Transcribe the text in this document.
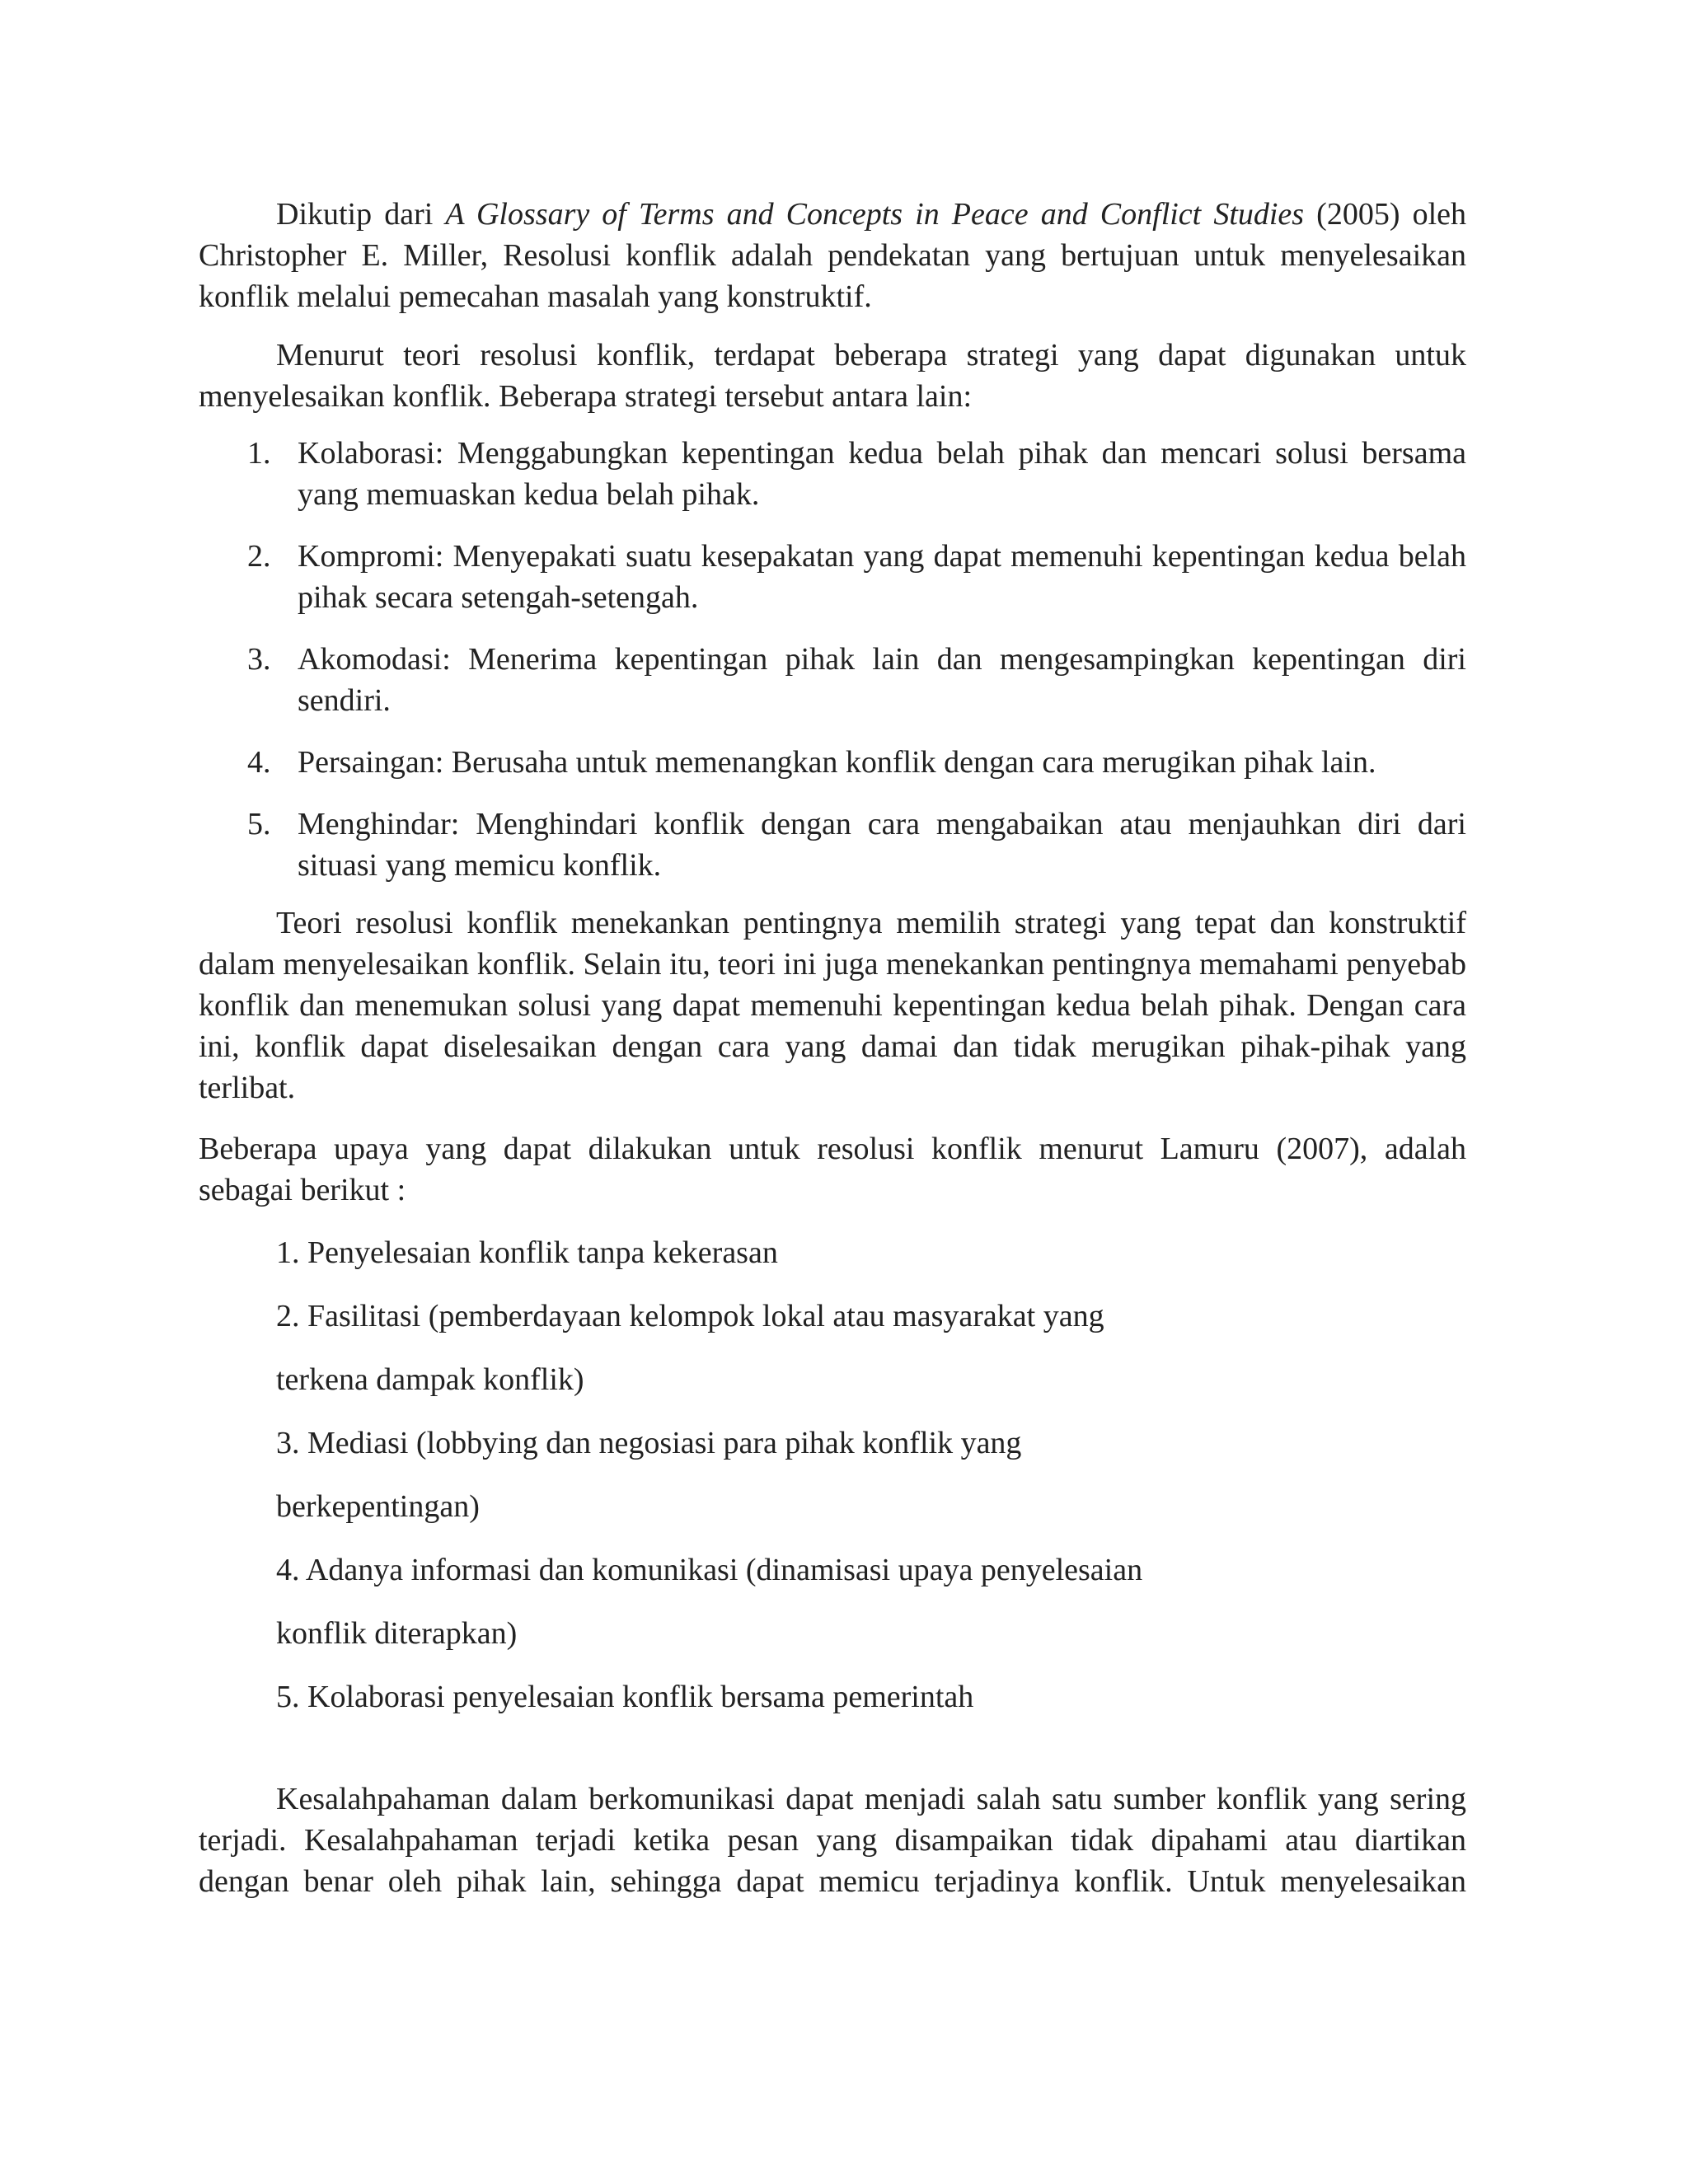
Dikutip dari A Glossary of Terms and Concepts in Peace and Conflict Studies (2005) oleh Christopher E. Miller, Resolusi konflik adalah pendekatan yang bertujuan untuk menyelesaikan konflik melalui pemecahan masalah yang konstruktif.

Menurut teori resolusi konflik, terdapat beberapa strategi yang dapat digunakan untuk menyelesaikan konflik. Beberapa strategi tersebut antara lain:

1. Kolaborasi: Menggabungkan kepentingan kedua belah pihak dan mencari solusi bersama yang memuaskan kedua belah pihak.
2. Kompromi: Menyepakati suatu kesepakatan yang dapat memenuhi kepentingan kedua belah pihak secara setengah-setengah.
3. Akomodasi: Menerima kepentingan pihak lain dan mengesampingkan kepentingan diri sendiri.
4. Persaingan: Berusaha untuk memenangkan konflik dengan cara merugikan pihak lain.
5. Menghindar: Menghindari konflik dengan cara mengabaikan atau menjauhkan diri dari situasi yang memicu konflik.

Teori resolusi konflik menekankan pentingnya memilih strategi yang tepat dan konstruktif dalam menyelesaikan konflik. Selain itu, teori ini juga menekankan pentingnya memahami penyebab konflik dan menemukan solusi yang dapat memenuhi kepentingan kedua belah pihak. Dengan cara ini, konflik dapat diselesaikan dengan cara yang damai dan tidak merugikan pihak-pihak yang terlibat.

Beberapa upaya yang dapat dilakukan untuk resolusi konflik menurut Lamuru (2007), adalah sebagai berikut :

1. Penyelesaian konflik tanpa kekerasan

2. Fasilitasi (pemberdayaan kelompok lokal atau masyarakat yang

terkena dampak konflik)

3. Mediasi (lobbying dan negosiasi para pihak konflik yang

berkepentingan)

4. Adanya informasi dan komunikasi (dinamisasi upaya penyelesaian

konflik diterapkan)

5. Kolaborasi penyelesaian konflik bersama pemerintah

Kesalahpahaman dalam berkomunikasi dapat menjadi salah satu sumber konflik yang sering terjadi. Kesalahpahaman terjadi ketika pesan yang disampaikan tidak dipahami atau diartikan dengan benar oleh pihak lain, sehingga dapat memicu terjadinya konflik. Untuk menyelesaikan
